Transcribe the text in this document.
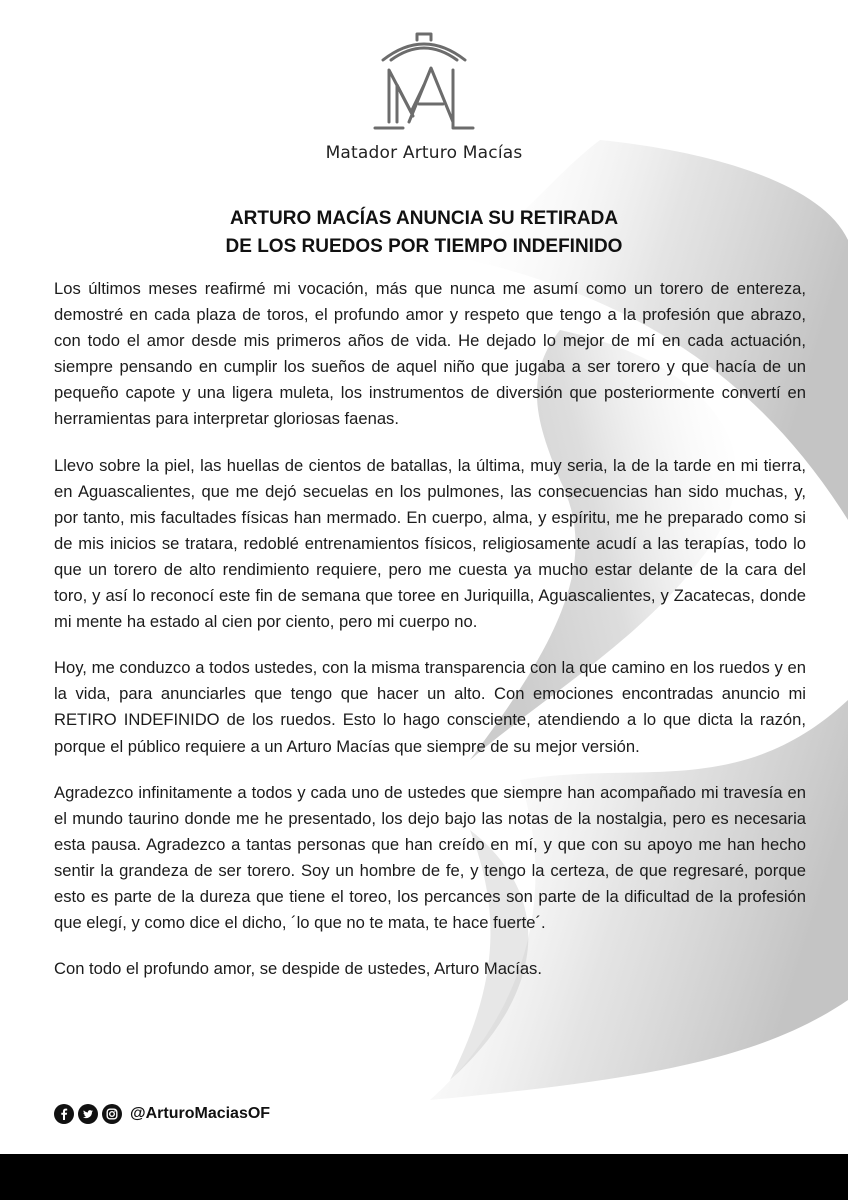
Matador Arturo Macías
ARTURO MACÍAS ANUNCIA SU RETIRADA
DE LOS RUEDOS POR TIEMPO INDEFINIDO

Los últimos meses reafirmé mi vocación, más que nunca me asumí como un torero de entereza, demostré en cada plaza de toros, el profundo amor y respeto que tengo a la profesión que abrazo, con todo el amor desde mis primeros años de vida. He dejado lo mejor de mí en cada actuación, siempre pensando en cumplir los sueños de aquel niño que jugaba a ser torero y que hacía de un pequeño capote y una ligera muleta, los instrumentos de diversión que posteriormente convertí en herramientas para interpretar gloriosas faenas.

Llevo sobre la piel, las huellas de cientos de batallas, la última, muy seria, la de la tarde en mi tierra, en Aguascalientes, que me dejó secuelas en los pulmones, las consecuencias han sido muchas, y, por tanto, mis facultades físicas han mermado. En cuerpo, alma, y espíritu, me he preparado como si de mis inicios se tratara, redoblé entrenamientos físicos, religiosamente acudí a las terapías, todo lo que un torero de alto rendimiento requiere, pero me cuesta ya mucho estar delante de la cara del toro, y así lo reconocí este fin de semana que toree en Juriquilla, Aguascalientes, y Zacatecas, donde mi mente ha estado al cien por ciento, pero mi cuerpo no.

Hoy, me conduzco a todos ustedes, con la misma transparencia con la que camino en los ruedos y en la vida, para anunciarles que tengo que hacer un alto. Con emociones encontradas anuncio mi RETIRO INDEFINIDO de los ruedos. Esto lo hago consciente, atendiendo a lo que dicta la razón, porque el público requiere a un Arturo Macías que siempre de su mejor versión.

Agradezco infinitamente a todos y cada uno de ustedes que siempre han acompañado mi travesía en el mundo taurino donde me he presentado, los dejo bajo las notas de la nostalgia, pero es necesaria esta pausa. Agradezco a tantas personas que han creído en mí, y que con su apoyo me han hecho sentir la grandeza de ser torero. Soy un hombre de fe, y tengo la certeza, de que regresaré, porque esto es parte de la dureza que tiene el toreo, los percances son parte de la dificultad de la profesión que elegí, y como dice el dicho, ´lo que no te mata, te hace fuerte´.

Con todo el profundo amor, se despide de ustedes, Arturo Macías.

@ArturoMaciasOF
